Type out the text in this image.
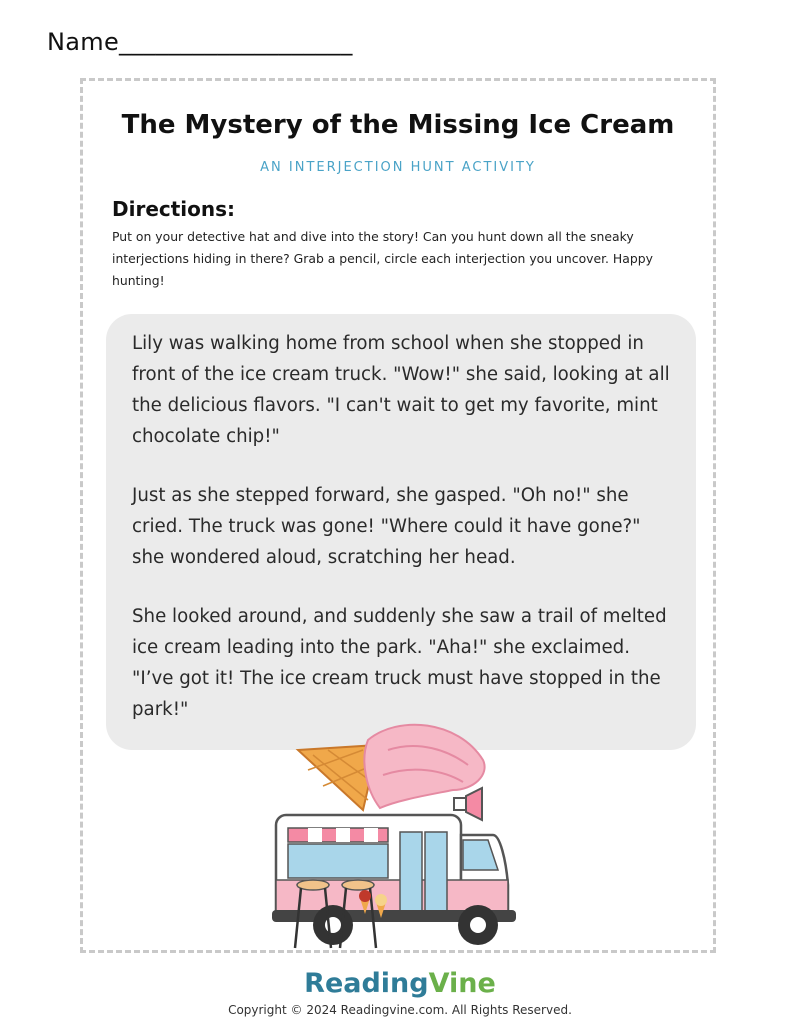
Name___________________
The Mystery of the Missing Ice Cream
AN INTERJECTION HUNT ACTIVITY
Directions:
Put on your detective hat and dive into the story! Can you hunt down all the sneaky interjections hiding in there? Grab a pencil, circle each interjection you uncover. Happy hunting!

Lily was walking home from school when she stopped in front of the ice cream truck. "Wow!" she said, looking at all the delicious flavors. "I can't wait to get my favorite, mint chocolate chip!"

Just as she stepped forward, she gasped. "Oh no!" she cried. The truck was gone! "Where could it have gone?" she wondered aloud, scratching her head.

She looked around, and suddenly she saw a trail of melted ice cream leading into the park. "Aha!" she exclaimed. "I’ve got it! The ice cream truck must have stopped in the park!"

ReadingVine
Copyright © 2024 Readingvine.com. All Rights Reserved.
